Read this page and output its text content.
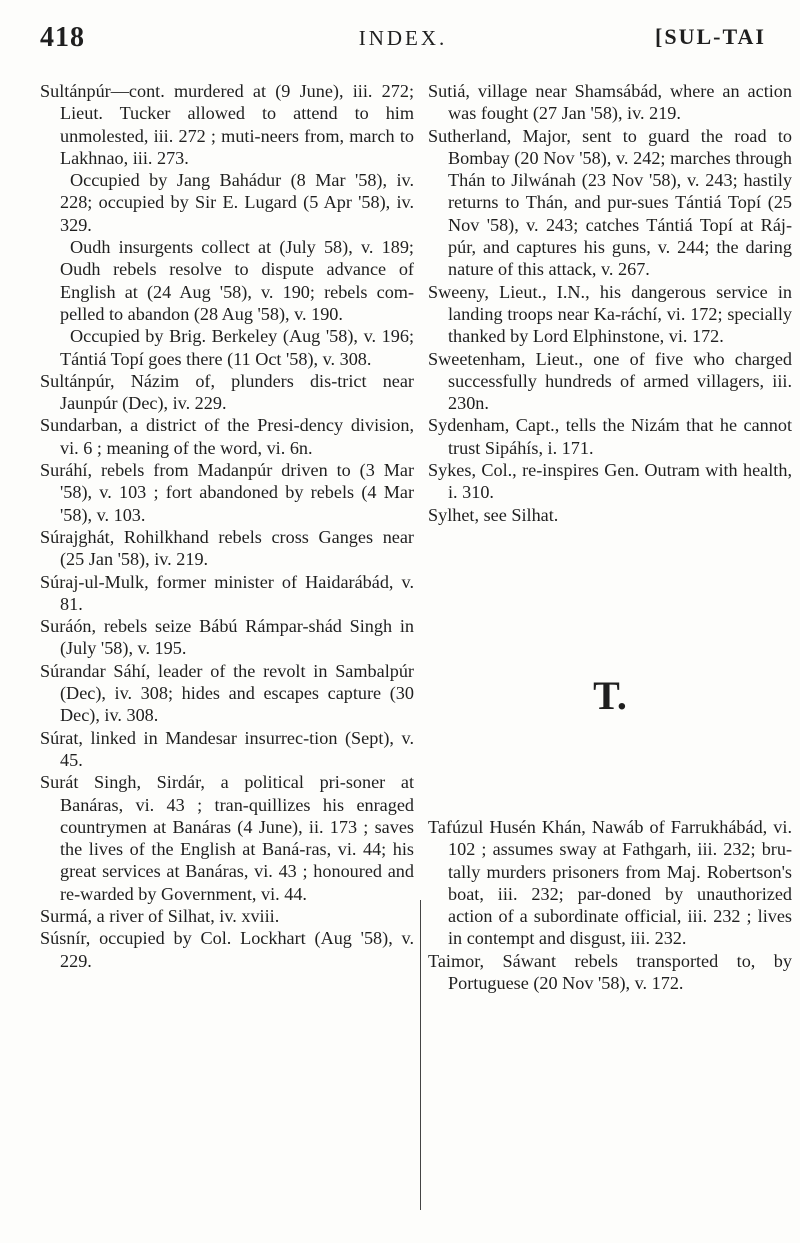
418	INDEX.	[SUL-TAI

Sultánpúr—cont. murdered at (9 June), iii. 272; Lieut. Tucker allowed to attend to him unmolested, iii. 272 ; muti-neers from, march to Lakhnao, iii. 273.

Occupied by Jang Bahádur (8 Mar '58), iv. 228; occupied by Sir E. Lugard (5 Apr '58), iv. 329.

Oudh insurgents collect at (July 58), v. 189; Oudh rebels resolve to dispute advance of English at (24 Aug '58), v. 190; rebels com-pelled to abandon (28 Aug '58), v. 190.

Occupied by Brig. Berkeley (Aug '58), v. 196; Tántiá Topí goes there (11 Oct '58), v. 308.

Sultánpúr, Názim of, plunders dis-trict near Jaunpúr (Dec), iv. 229.

Sundarban, a district of the Presi-dency division, vi. 6 ; meaning of the word, vi. 6n.

Suráhí, rebels from Madanpúr driven to (3 Mar '58), v. 103 ; fort abandoned by rebels (4 Mar '58), v. 103.

Súrajghát, Rohilkhand rebels cross Ganges near (25 Jan '58), iv. 219.

Súraj-ul-Mulk, former minister of Haidarábád, v. 81.

Suráón, rebels seize Bábú Rámpar-shád Singh in (July '58), v. 195.

Súrandar Sáhí, leader of the revolt in Sambalpúr (Dec), iv. 308; hides and escapes capture (30 Dec), iv. 308.

Súrat, linked in Mandesar insurrec-tion (Sept), v. 45.

Surát Singh, Sirdár, a political pri-soner at Banáras, vi. 43 ; tran-quillizes his enraged countrymen at Banáras (4 June), ii. 173 ; saves the lives of the English at Baná-ras, vi. 44; his great services at Banáras, vi. 43 ; honoured and re-warded by Government, vi. 44.

Surmá, a river of Silhat, iv. xviii.

Súsnír, occupied by Col. Lockhart (Aug '58), v. 229.

Sutiá, village near Shamsábád, where an action was fought (27 Jan '58), iv. 219.

Sutherland, Major, sent to guard the road to Bombay (20 Nov '58), v. 242; marches through Thán to Jilwánah (23 Nov '58), v. 243; hastily returns to Thán, and pur-sues Tántiá Topí (25 Nov '58), v. 243; catches Tántiá Topí at Ráj-púr, and captures his guns, v. 244; the daring nature of this attack, v. 267.

Sweeny, Lieut., I.N., his dangerous service in landing troops near Ka-ráchí, vi. 172; specially thanked by Lord Elphinstone, vi. 172.

Sweetenham, Lieut., one of five who charged successfully hundreds of armed villagers, iii. 230n.

Sydenham, Capt., tells the Nizám that he cannot trust Sipáhís, i. 171.

Sykes, Col., re-inspires Gen. Outram with health, i. 310.

Sylhet, see Silhat.

T.

Tafúzul Husén Khán, Nawáb of Farrukhábád, vi. 102 ; assumes sway at Fathgarh, iii. 232; bru-tally murders prisoners from Maj. Robertson's boat, iii. 232; par-doned by unauthorized action of a subordinate official, iii. 232 ; lives in contempt and disgust, iii. 232.

Taimor, Sáwant rebels transported to, by Portuguese (20 Nov '58), v. 172.
